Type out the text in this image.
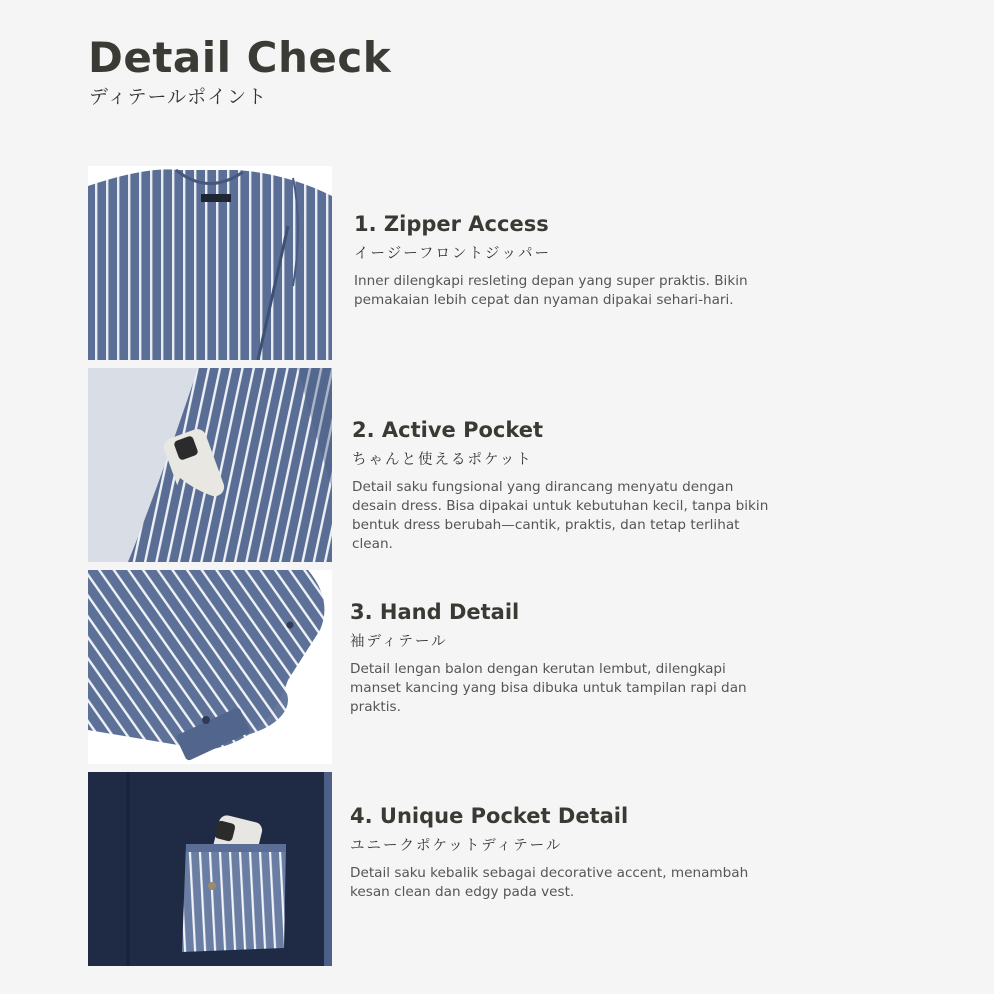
Detail Check
ディテールポイント
1. Zipper Access
イージーフロントジッパー

Inner dilengkapi resleting depan yang super praktis. Bikin pemakaian lebih cepat dan nyaman dipakai sehari-hari.

2. Active Pocket
ちゃんと使えるポケット

Detail saku fungsional yang dirancang menyatu dengan desain dress. Bisa dipakai untuk kebutuhan kecil, tanpa bikin bentuk dress berubah—cantik, praktis, dan tetap terlihat clean.

3. Hand Detail
袖ディテール

Detail lengan balon dengan kerutan lembut, dilengkapi manset kancing yang bisa dibuka untuk tampilan rapi dan praktis.

4. Unique Pocket Detail
ユニークポケットディテール

Detail saku kebalik sebagai decorative accent, menambah kesan clean dan edgy pada vest.
